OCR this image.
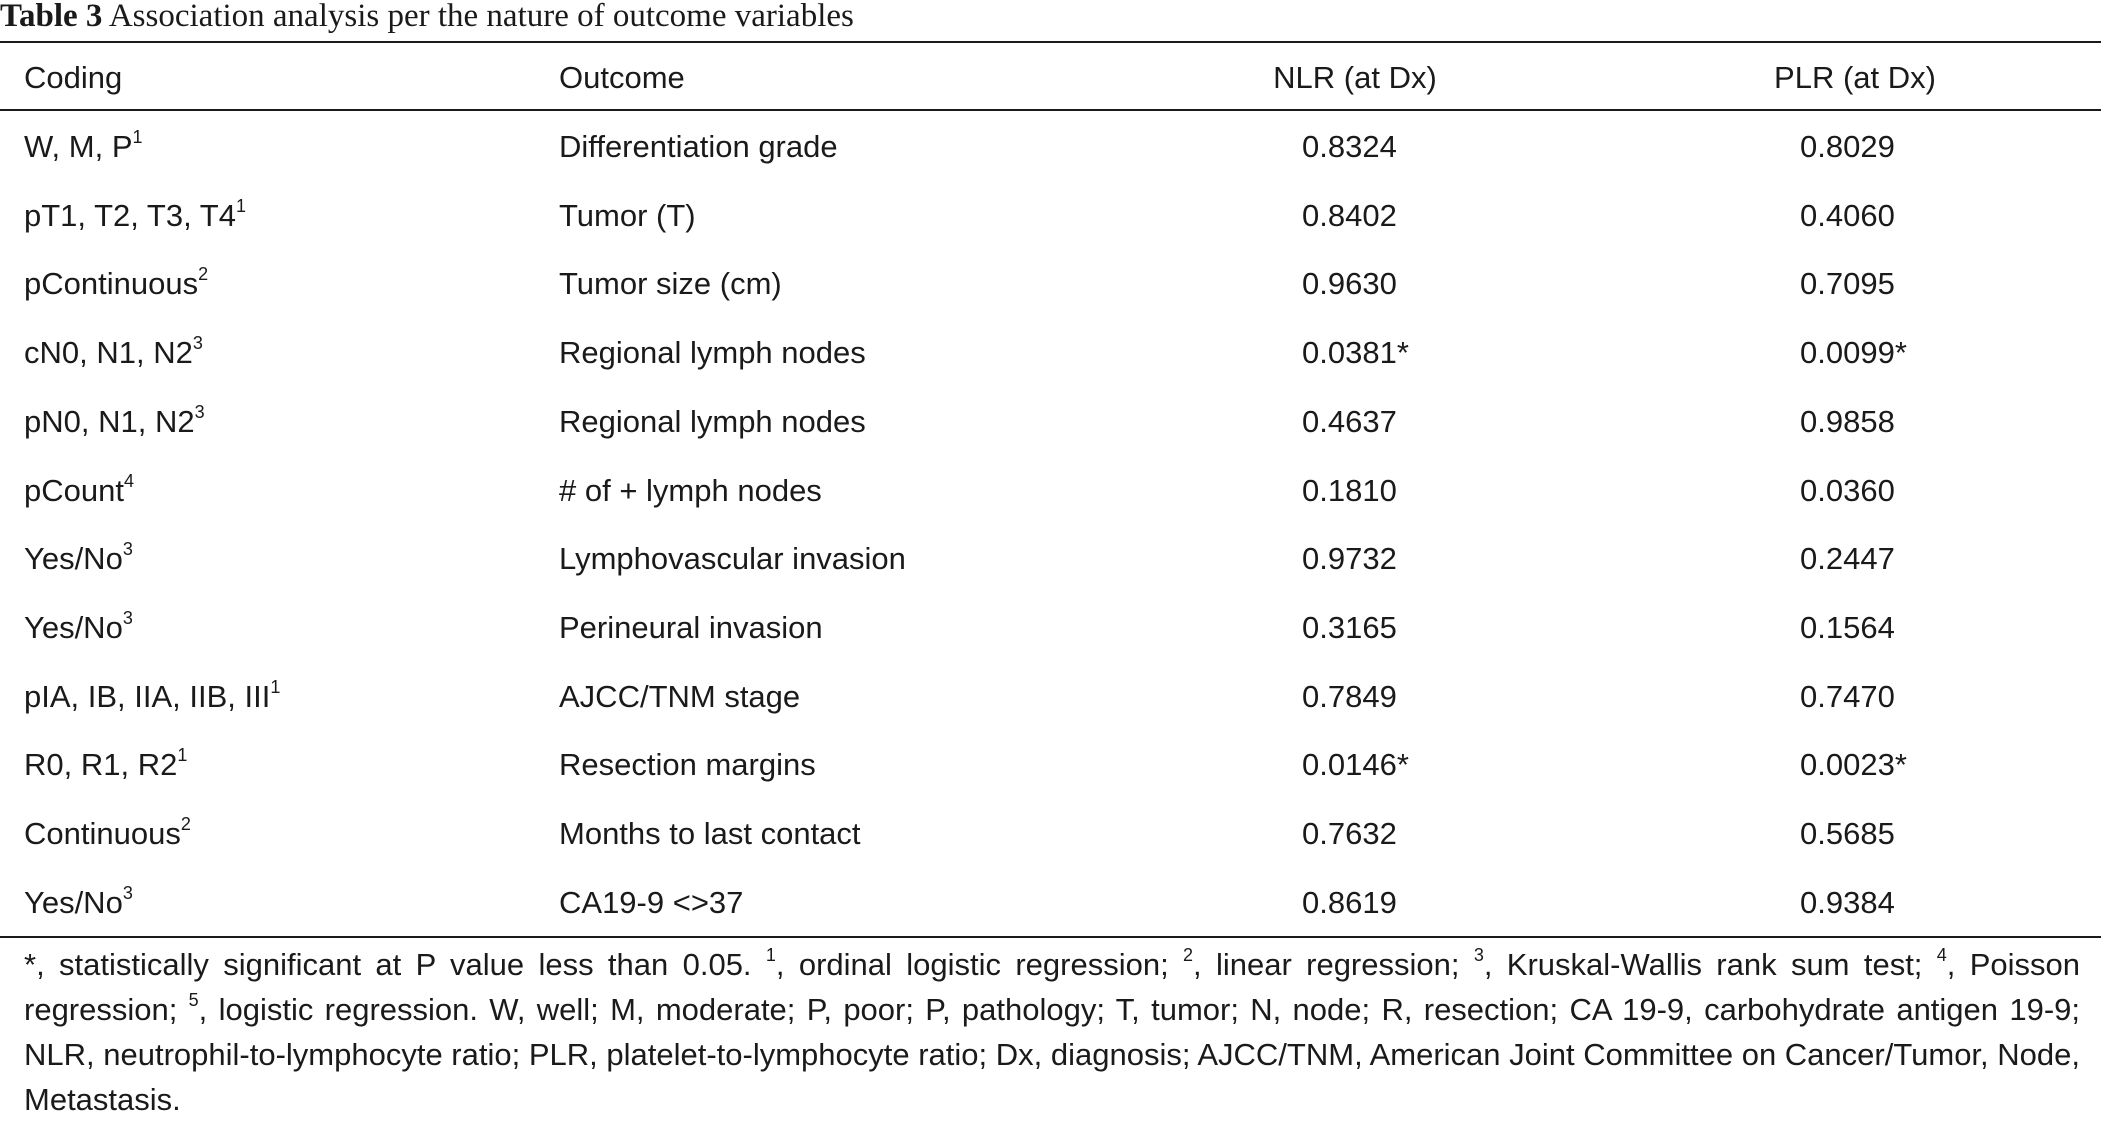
Table 3 Association analysis per the nature of outcome variables
Coding	Outcome	NLR (at Dx)	PLR (at Dx)
W, M, $P^1$	Differentiation grade	0.8324	0.8029
pT1, T2, T3, $T4^1$	Tumor (T)	0.8402	0.4060
pContinuous$^2$	Tumor size (cm)	0.9630	0.7095
cN0, N1, $N2^3$	Regional lymph nodes	0.0381*	0.0099*
pN0, N1, $N2^3$	Regional lymph nodes	0.4637	0.9858
pCount$^4$	# of + lymph nodes	0.1810	0.0360
Yes/No$^3$	Lymphovascular invasion	0.9732	0.2447
Yes/No$^3$	Perineural invasion	0.3165	0.1564
pIA, IB, IIA, IIB, III$^1$	AJCC/TNM stage	0.7849	0.7470
R0, R1, $R2^1$	Resection margins	0.0146*	0.0023*
Continuous$^2$	Months to last contact	0.7632	0.5685
Yes/No$^3$	CA19-9 <>37	0.8619	0.9384
*, statistically significant at P value less than 0.05. $^1$, ordinal logistic regression; $^2$, linear regression; $^3$, Kruskal-Wallis rank sum test; $^4$, Poisson regression; $^5$, logistic regression. W, well; M, moderate; P, poor; P, pathology; T, tumor; N, node; R, resection; CA 19-9, carbohydrate antigen 19-9; NLR, neutrophil-to-lymphocyte ratio; PLR, platelet-to-lymphocyte ratio; Dx, diagnosis; AJCC/TNM, American Joint Committee on Cancer/Tumor, Node, Metastasis.
